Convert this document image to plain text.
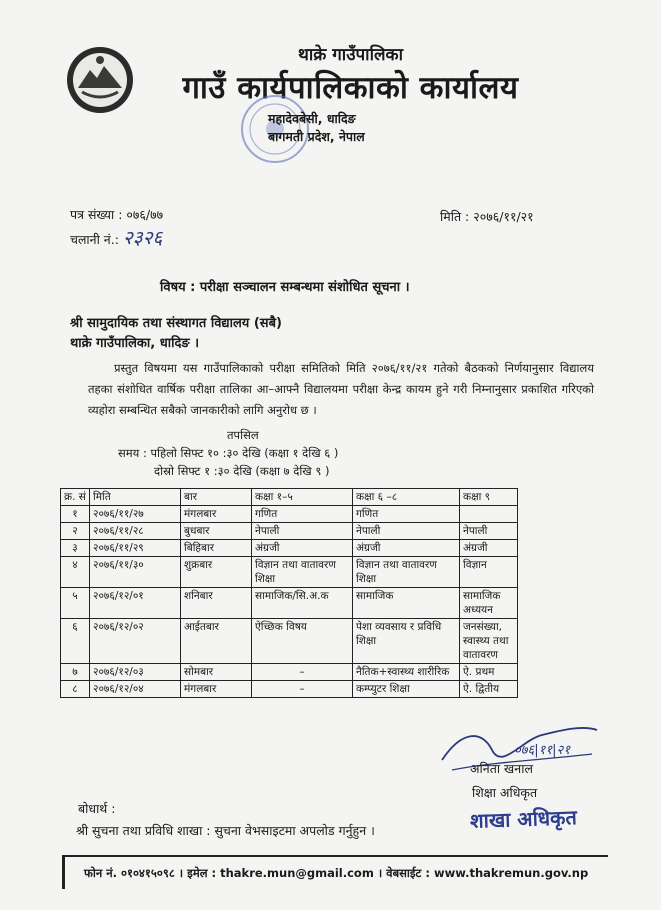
थाक्रे गाउँपालिका
गाउँ कार्यपालिकाको कार्यालय
महादेवबेसी, धादिङ
बागमती प्रदेश, नेपाल
पत्र संख्या : ०७६/७७
चलानी नं.: २३२६
मिति : २०७६/११/२१
विषय : परीक्षा सञ्चालन सम्बन्धमा संशोधित सूचना ।
श्री सामुदायिक तथा संस्थागत विद्यालय (सबै)
थाक्रे गाउँपालिका, धादिङ ।
प्रस्तुत विषयमा यस गाउँपालिकाको परीक्षा समितिको मिति २०७६/११/२१ गतेको बैठकको निर्णयानुसार विद्यालय तहका संशोधित वार्षिक परीक्षा तालिका आ–आफ्नै विद्यालयमा परीक्षा केन्द्र कायम हुने गरी निम्नानुसार प्रकाशित गरिएको व्यहोरा सम्बन्धित सबैको जानकारीको लागि अनुरोध छ ।
तपसिल
समय : पहिलो सिफ्ट १० :३० देखि (कक्षा १ देखि ६ )
दोस्रो सिफ्ट १ :३० देखि (कक्षा ७ देखि ९ )
क्र. सं	मिति	बार	कक्षा १–५	कक्षा ६ –८	कक्षा ९
१	२०७६/११/२७	मंगलबार	गणित	गणित	
२	२०७६/११/२८	बुधबार	नेपाली	नेपाली	नेपाली
३	२०७६/११/२९	बिहिबार	अंग्रजी	अंग्रजी	अंग्रजी
४	२०७६/११/३०	शुक्रबार	विज्ञान तथा वातावरण शिक्षा	विज्ञान तथा वातावरण शिक्षा	विज्ञान
५	२०७६/१२/०१	शनिबार	सामाजिक/सि.अ.क	सामाजिक	सामाजिक अध्ययन
६	२०७६/१२/०२	आईतबार	ऐच्छिक विषय	पेशा व्यवसाय र प्रविधि शिक्षा	जनसंख्या, स्वास्थ्य तथा वातावरण
७	२०७६/१२/०३	सोमबार	–	नैतिक+स्वास्थ्य शारीरिक	ऐ. प्रथम
८	२०७६/१२/०४	मंगलबार	–	कम्प्युटर शिक्षा	ऐ. द्वितीय
०७६|११|२१
अनिता खनाल
शिक्षा अधिकृत
शाखा अधिकृत
बोधार्थ :
श्री सुचना तथा प्रविधि शाखा : सुचना वेभसाइटमा अपलोड गर्नुहुन ।
फोन नं. ०१०४१५०९८ । इमेल : thakre.mun@gmail.com । वेबसाईट : www.thakremun.gov.np
